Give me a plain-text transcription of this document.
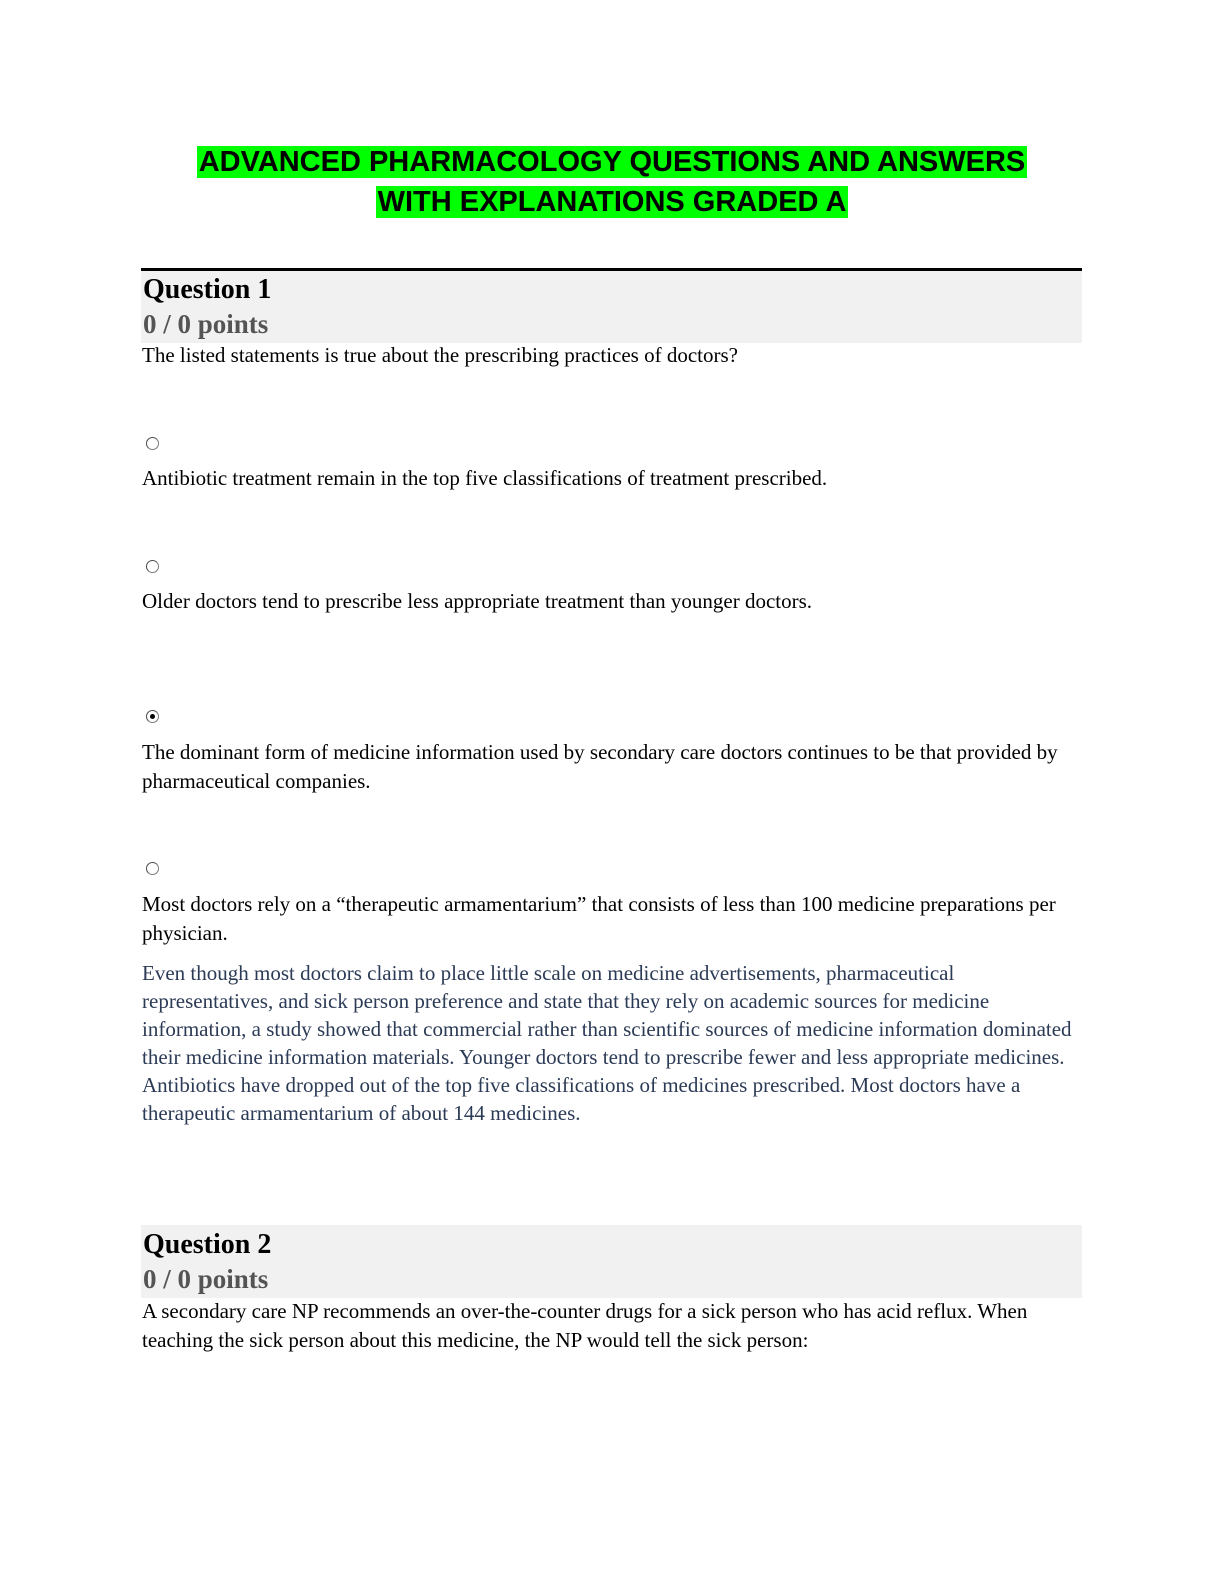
ADVANCED PHARMACOLOGY QUESTIONS AND ANSWERS
WITH EXPLANATIONS GRADED A
Question 1
0 / 0 points

The listed statements is true about the prescribing practices of doctors?

Antibiotic treatment remain in the top five classifications of treatment prescribed.

Older doctors tend to prescribe less appropriate treatment than younger doctors.

The dominant form of medicine information used by secondary care doctors continues to be that provided by pharmaceutical companies.

Most doctors rely on a “therapeutic armamentarium” that consists of less than 100 medicine preparations per physician.

Even though most doctors claim to place little scale on medicine advertisements, pharmaceutical representatives, and sick person preference and state that they rely on academic sources for medicine information, a study showed that commercial rather than scientific sources of medicine information dominated their medicine information materials. Younger doctors tend to prescribe fewer and less appropriate medicines. Antibiotics have dropped out of the top five classifications of medicines prescribed. Most doctors have a therapeutic armamentarium of about 144 medicines.

Question 2
0 / 0 points

A secondary care NP recommends an over-the-counter drugs for a sick person who has acid reflux. When teaching the sick person about this medicine, the NP would tell the sick person:
